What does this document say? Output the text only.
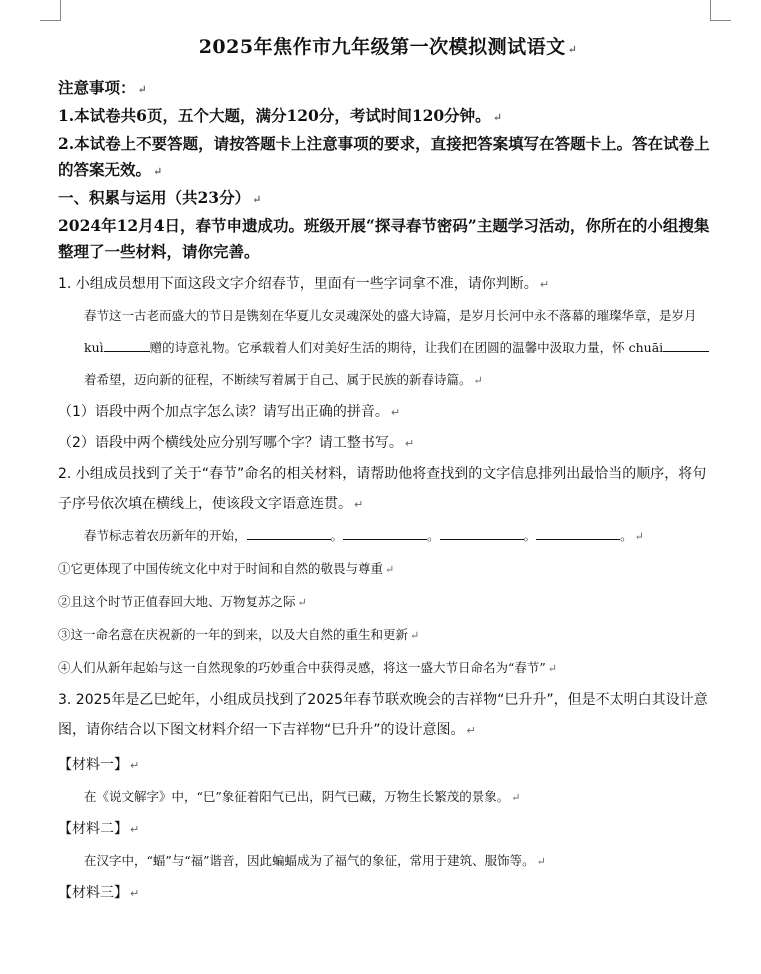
2025年焦作市九年级第一次模拟测试语文 ↵
注意事项： ↵
1.本试卷共6页，五个大题，满分120分，考试时间120分钟。 ↵
2.本试卷上不要答题，请按答题卡上注意事项的要求，直接把答案填写在答题卡上。答在试卷上的答案无效。 ↵
一、积累与运用（共23分） ↵
2024年12月4日，春节申遗成功。班级开展“探寻春节密码”主题学习活动，你所在的小组搜集整理了一些材料，请你完善。
1. 小组成员想用下面这段文字介绍春节，里面有一些字词拿不准，请你判断。 ↵
春节这一古老而盛大的节日是镌刻在华夏儿女灵魂深处的盛大诗篇，是岁月长河中永不落幕的璀璨华章，是岁月 kuì	赠的诗意礼物。它承载着人们对美好生活的期待，让我们在团圆的温馨中汲取力量，怀 chuāi着希望，迈向新的征程，不断续写着属于自己、属于民族的新春诗篇。 ↵
（1）语段中两个加点字怎么读？请写出正确的拼音。 ↵
（2）语段中两个横线处应分别写哪个字？请工整书写。 ↵
2. 小组成员找到了关于“春节”命名的相关材料，请帮助他将查找到的文字信息排列出最恰当的顺序，将句子序号依次填在横线上，使该段文字语意连贯。 ↵
春节标志着农历新年的开始，	。	。	。	。 ↵
①它更体现了中国传统文化中对于时间和自然的敬畏与尊重 ↵
②且这个时节正值春回大地、万物复苏之际 ↵
③这一命名意在庆祝新的一年的到来，以及大自然的重生和更新 ↵
④人们从新年起始与这一自然现象的巧妙重合中获得灵感，将这一盛大节日命名为“春节” ↵
3. 2025年是乙巳蛇年，小组成员找到了2025年春节联欢晚会的吉祥物“巳升升”，但是不太明白其设计意图，请你结合以下图文材料介绍一下吉祥物“巳升升”的设计意图。 ↵
【材料一】 ↵
在《说文解字》中，“巳”象征着阳气已出，阴气已藏，万物生长繁茂的景象。 ↵
【材料二】 ↵
在汉字中，“蝠”与“福”谐音，因此蝙蝠成为了福气的象征，常用于建筑、服饰等。 ↵
【材料三】 ↵
